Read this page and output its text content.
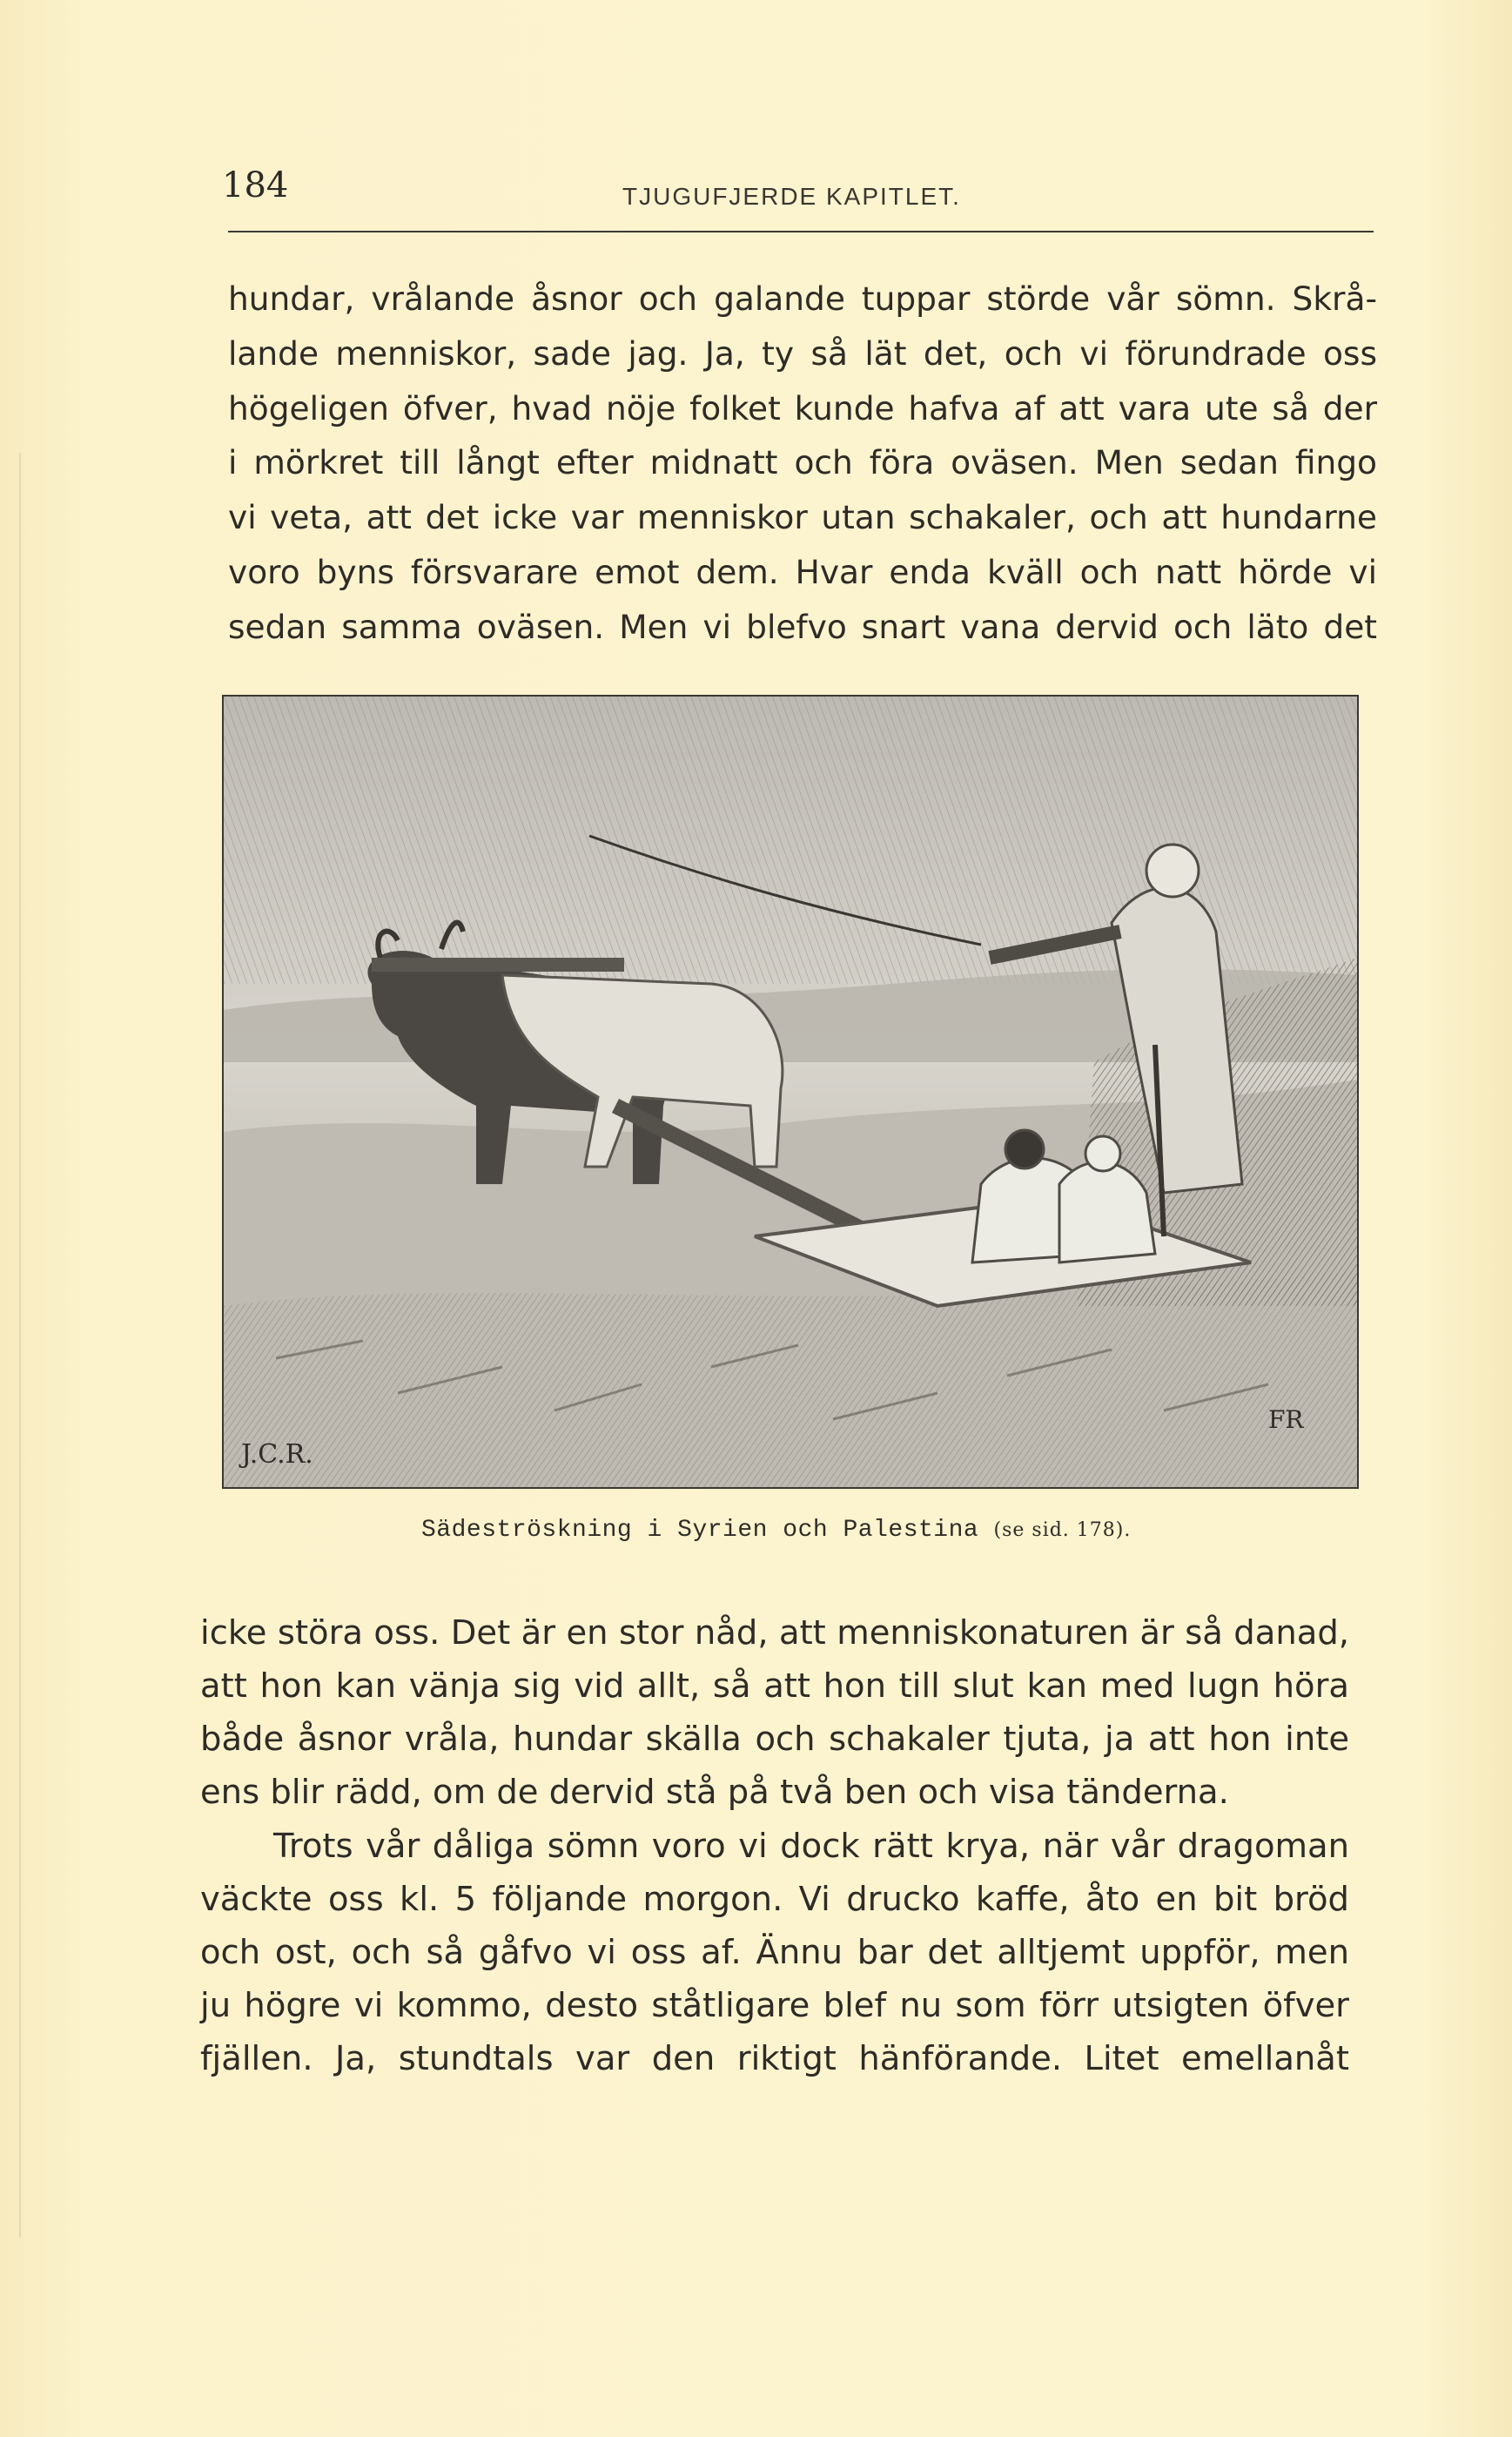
184	TJUGUFJERDE KAPITLET.
hundar, vrålande åsnor och galande tuppar störde vår sömn. Skrå-
lande menniskor, sade jag. Ja, ty så lät det, och vi förundrade oss
högeligen öfver, hvad nöje folket kunde hafva af att vara ute så der
i mörkret till långt efter midnatt och föra oväsen. Men sedan fingo
vi veta, att det icke var menniskor utan schakaler, och att hundarne
voro byns försvarare emot dem. Hvar enda kväll och natt hörde vi
sedan samma oväsen. Men vi blefvo snart vana dervid och läto det
J.C.R.
FR
Sädeströskning i Syrien och Palestina (se sid. 178).
icke störa oss. Det är en stor nåd, att menniskonaturen är så danad,
att hon kan vänja sig vid allt, så att hon till slut kan med lugn höra
både åsnor vråla, hundar skälla och schakaler tjuta, ja att hon inte
ens blir rädd, om de dervid stå på två ben och visa tänderna.
Trots vår dåliga sömn voro vi dock rätt krya, när vår dragoman
väckte oss kl. 5 följande morgon. Vi drucko kaffe, åto en bit bröd
och ost, och så gåfvo vi oss af. Ännu bar det alltjemt uppför, men
ju högre vi kommo, desto ståtligare blef nu som förr utsigten öfver
fjällen. Ja, stundtals var den riktigt hänförande. Litet emellanåt
